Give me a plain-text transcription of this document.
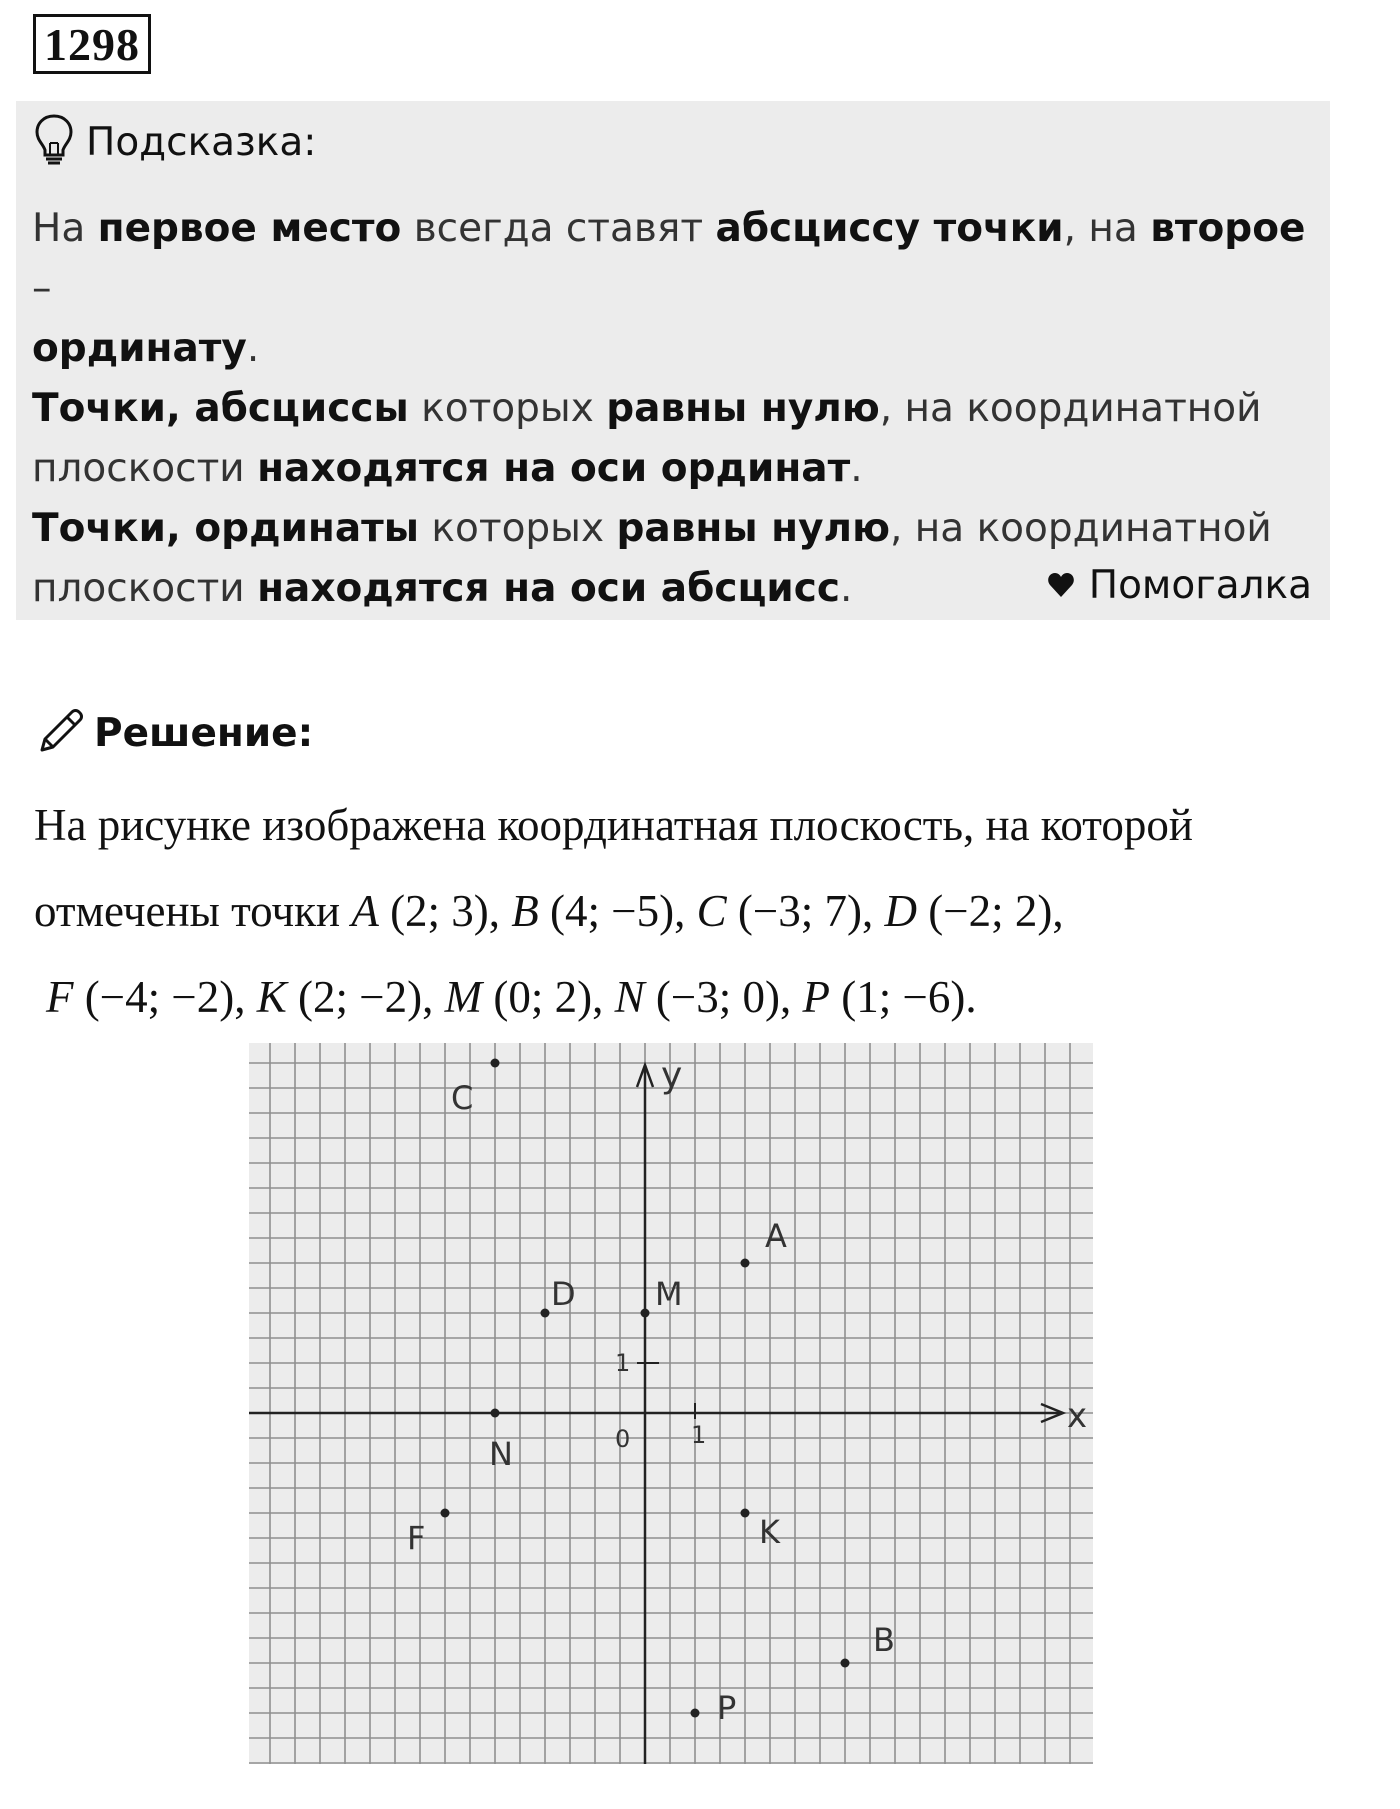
1298
Подсказка:

На первое место всегда ставят абсциссу точки, на второе –
ординату.

Точки, абсциссы которых равны нулю, на координатной
плоскости находятся на оси ординат.

Точки, ординаты которых равны нулю, на координатной
плоскости находятся на оси абсцисс.	Помогалка
Решение:

На рисунке изображена координатная плоскость, на которой

отмечены точки A (2; 3), B (4; −5), C (−3; 7), D (−2; 2),

F (−4; −2), K (2; −2), M (0; 2), N (−3; 0), P (1; −6).

x
y
0	1
1
A
B
C
D
F	K
M
N
P
